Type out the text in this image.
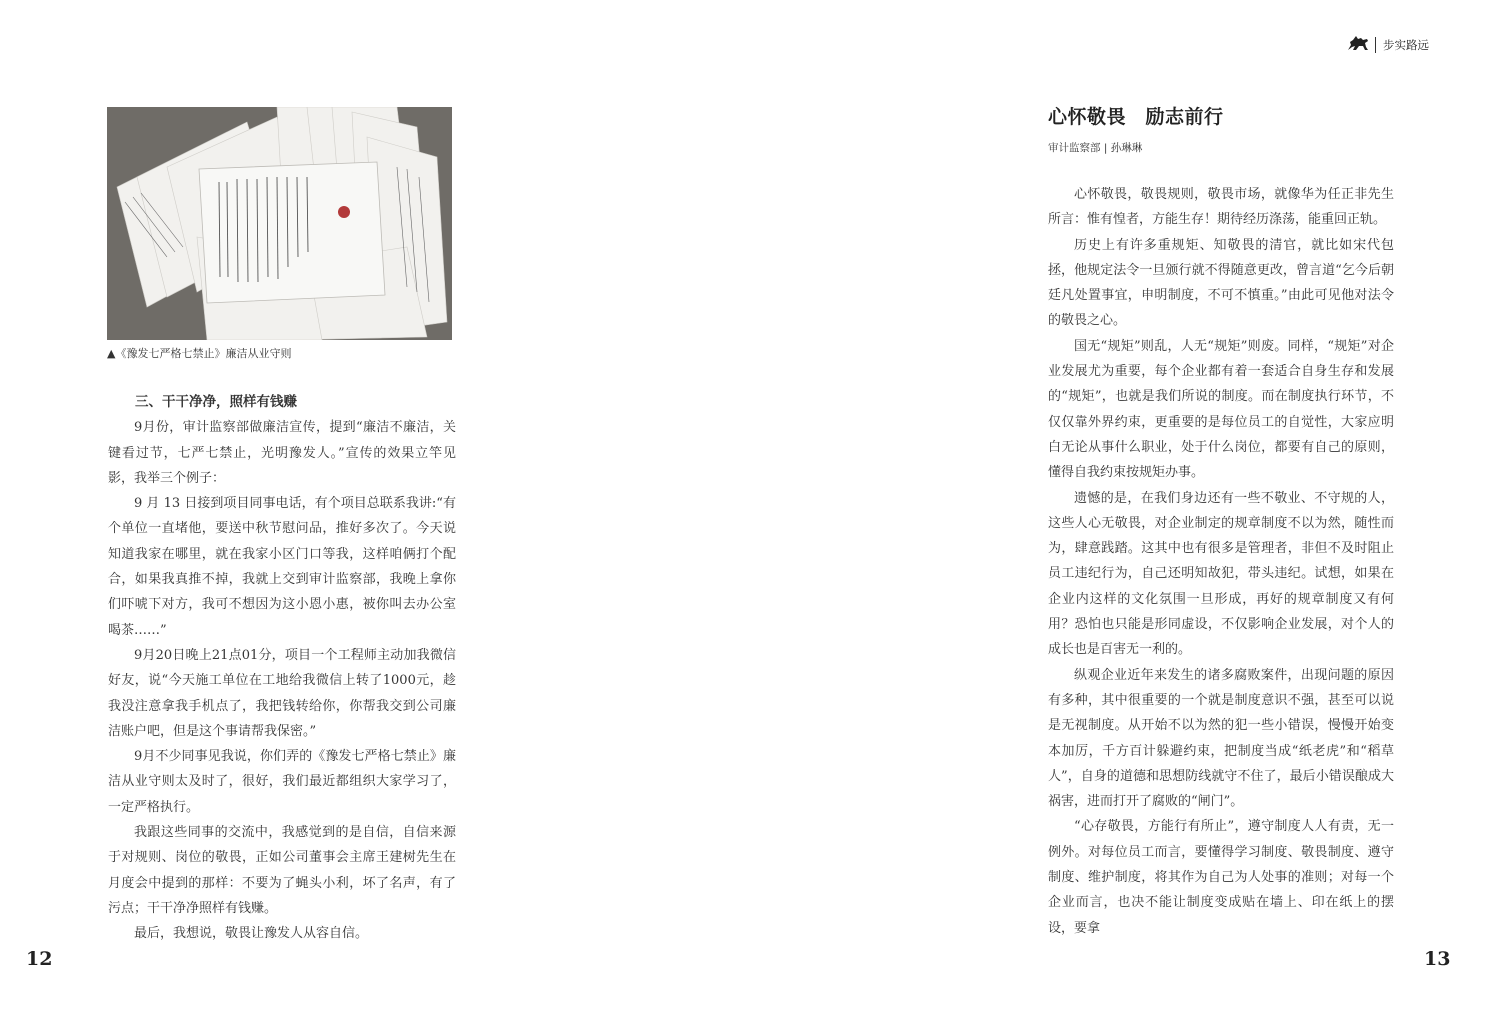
步实路远
▲《豫发七严格七禁止》廉洁从业守则
三、干干净净，照样有钱赚

9月份，审计监察部做廉洁宣传，提到“廉洁不廉洁，关键看过节，七严七禁止，光明豫发人。”宣传的效果立竿见影，我举三个例子：

9 月 13 日接到项目同事电话，有个项目总联系我讲:“有个单位一直堵他，要送中秋节慰问品，推好多次了。今天说知道我家在哪里，就在我家小区门口等我，这样咱俩打个配合，如果我真推不掉，我就上交到审计监察部，我晚上拿你们吓唬下对方，我可不想因为这小恩小惠，被你叫去办公室喝茶……”

9月20日晚上21点01分，项目一个工程师主动加我微信好友，说“今天施工单位在工地给我微信上转了1000元，趁我没注意拿我手机点了，我把钱转给你，你帮我交到公司廉洁账户吧，但是这个事请帮我保密。”

9月不少同事见我说，你们弄的《豫发七严格七禁止》廉洁从业守则太及时了，很好，我们最近都组织大家学习了，一定严格执行。

我跟这些同事的交流中，我感觉到的是自信，自信来源于对规则、岗位的敬畏，正如公司董事会主席王建树先生在月度会中提到的那样：不要为了蝇头小利，坏了名声，有了污点；干干净净照样有钱赚。

最后，我想说，敬畏让豫发人从容自信。

12
心怀敬畏　励志前行
审计监察部 | 孙琳琳

心怀敬畏，敬畏规则，敬畏市场，就像华为任正非先生所言：惟有惶者，方能生存！期待经历涤荡，能重回正轨。

历史上有许多重规矩、知敬畏的清官，就比如宋代包拯，他规定法令一旦颁行就不得随意更改，曾言道“乞今后朝廷凡处置事宜，申明制度，不可不慎重。”由此可见他对法令的敬畏之心。

国无“规矩”则乱，人无“规矩”则废。同样，“规矩”对企业发展尤为重要，每个企业都有着一套适合自身生存和发展的“规矩”，也就是我们所说的制度。而在制度执行环节，不仅仅靠外界约束，更重要的是每位员工的自觉性，大家应明白无论从事什么职业，处于什么岗位，都要有自己的原则，懂得自我约束按规矩办事。

遗憾的是，在我们身边还有一些不敬业、不守规的人，这些人心无敬畏，对企业制定的规章制度不以为然，随性而为，肆意践踏。这其中也有很多是管理者，非但不及时阻止员工违纪行为，自己还明知故犯，带头违纪。试想，如果在企业内这样的文化氛围一旦形成，再好的规章制度又有何用？恐怕也只能是形同虚设，不仅影响企业发展，对个人的成长也是百害无一利的。

纵观企业近年来发生的诸多腐败案件，出现问题的原因有多种，其中很重要的一个就是制度意识不强，甚至可以说是无视制度。从开始不以为然的犯一些小错误，慢慢开始变本加厉，千方百计躲避约束，把制度当成“纸老虎”和“稻草人”，自身的道德和思想防线就守不住了，最后小错误酿成大祸害，进而打开了腐败的“闸门”。

“心存敬畏，方能行有所止”，遵守制度人人有责，无一例外。对每位员工而言，要懂得学习制度、敬畏制度、遵守制度、维护制度，将其作为自己为人处事的准则；对每一个企业而言，也决不能让制度变成贴在墙上、印在纸上的摆设，要拿

13
